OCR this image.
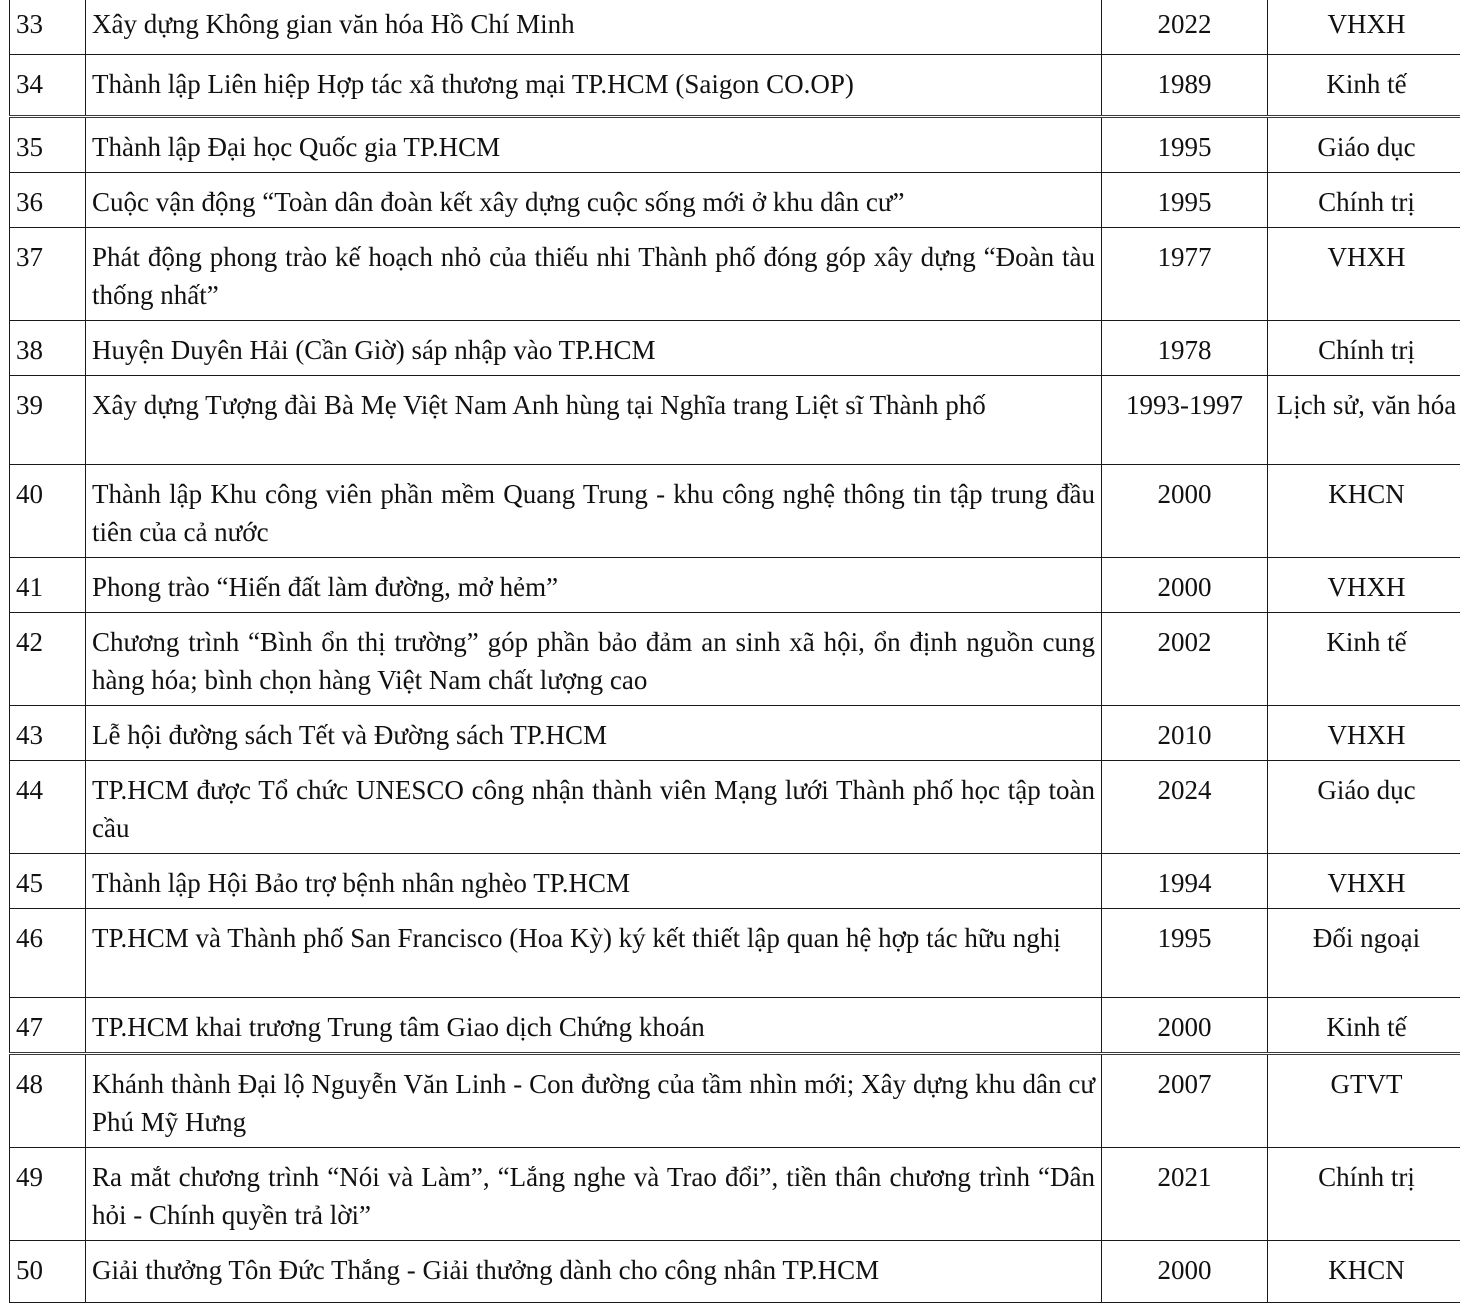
33	Xây dựng Không gian văn hóa Hồ Chí Minh	2022	VHXH
34	Thành lập Liên hiệp Hợp tác xã thương mại TP.HCM (Saigon CO.OP)	1989	Kinh tế
35	Thành lập Đại học Quốc gia TP.HCM	1995	Giáo dục
36	Cuộc vận động “Toàn dân đoàn kết xây dựng cuộc sống mới ở khu dân cư”	1995	Chính trị
37	Phát động phong trào kế hoạch nhỏ của thiếu nhi Thành phố đóng góp xây dựng “Đoàn tàu thống nhất”	1977	VHXH
38	Huyện Duyên Hải (Cần Giờ) sáp nhập vào TP.HCM	1978	Chính trị
39	Xây dựng Tượng đài Bà Mẹ Việt Nam Anh hùng tại Nghĩa trang Liệt sĩ Thành phố	1993-1997	Lịch sử, văn hóa
40	Thành lập Khu công viên phần mềm Quang Trung - khu công nghệ thông tin tập trung đầu tiên của cả nước	2000	KHCN
41	Phong trào “Hiến đất làm đường, mở hẻm”	2000	VHXH
42	Chương trình “Bình ổn thị trường” góp phần bảo đảm an sinh xã hội, ổn định nguồn cung hàng hóa; bình chọn hàng Việt Nam chất lượng cao	2002	Kinh tế
43	Lễ hội đường sách Tết và Đường sách TP.HCM	2010	VHXH
44	TP.HCM được Tổ chức UNESCO công nhận thành viên Mạng lưới Thành phố học tập toàn cầu	2024	Giáo dục
45	Thành lập Hội Bảo trợ bệnh nhân nghèo TP.HCM	1994	VHXH
46	TP.HCM và Thành phố San Francisco (Hoa Kỳ) ký kết thiết lập quan hệ hợp tác hữu nghị	1995	Đối ngoại
47	TP.HCM khai trương Trung tâm Giao dịch Chứng khoán	2000	Kinh tế
48	Khánh thành Đại lộ Nguyễn Văn Linh - Con đường của tầm nhìn mới; Xây dựng khu dân cư Phú Mỹ Hưng	2007	GTVT
49	Ra mắt chương trình “Nói và Làm”, “Lắng nghe và Trao đổi”, tiền thân chương trình “Dân hỏi - Chính quyền trả lời”	2021	Chính trị
50	Giải thưởng Tôn Đức Thắng - Giải thưởng dành cho công nhân TP.HCM	2000	KHCN
